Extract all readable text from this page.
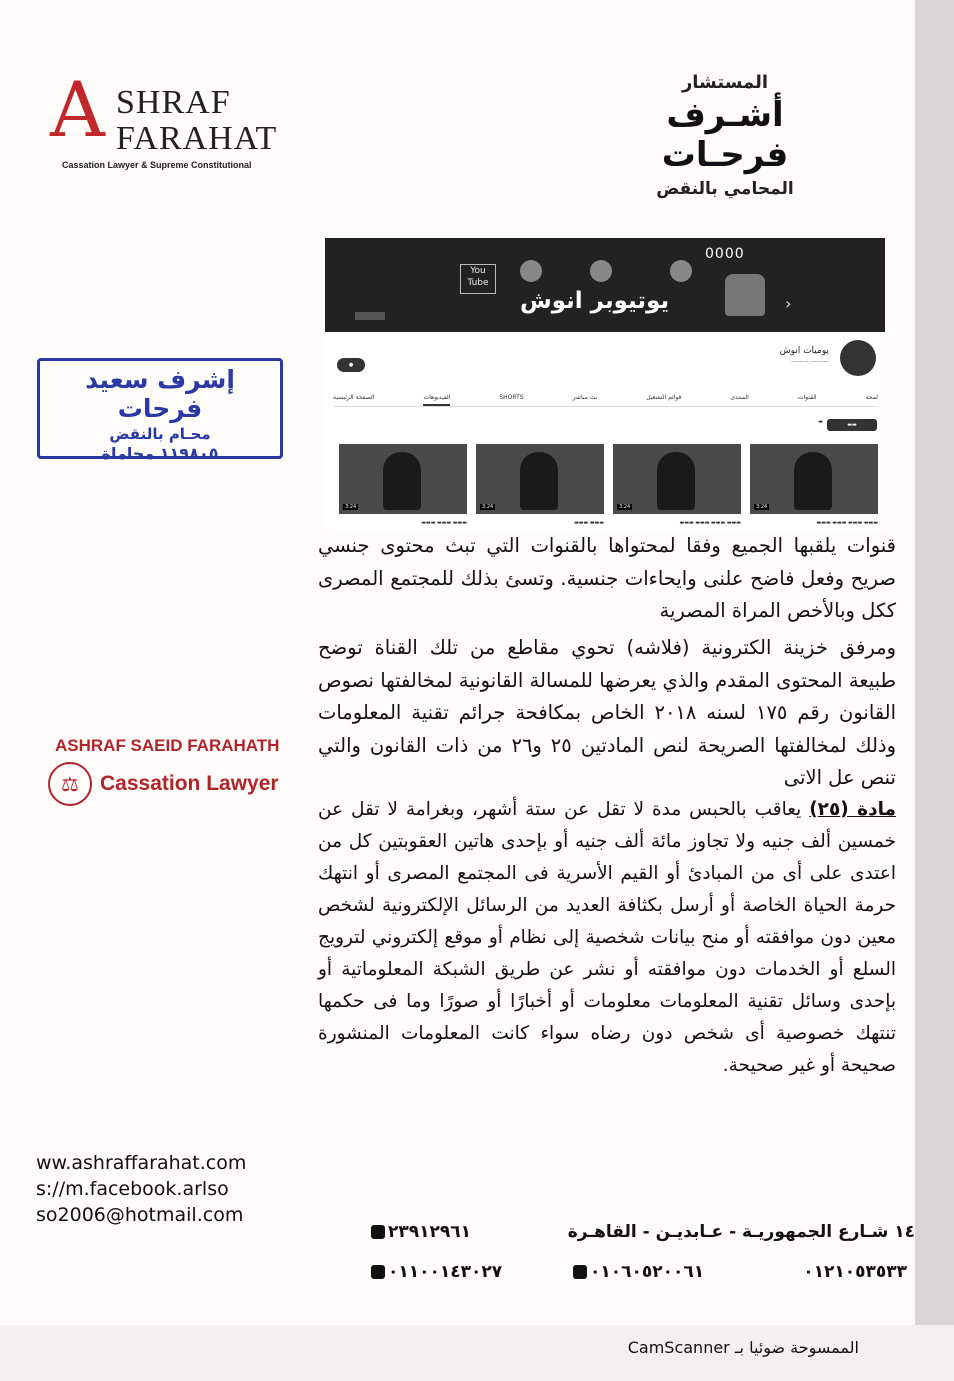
A SHRAF
FARAHAT
Cassation Lawyer & Supreme Constitutional
المستشار
أشـرف فرحـات
المحامي بالنقض
0000
You
Tube
يوتيوبر انوش	›
يوميات انوش
——— ———
●
الصفحة الرئيسية	الفيديوهات	SHORTS	بث مباشر	قوائم التشغيل	المنتدى	القنوات	لمحة
▬▬
▬
3:24
3:24
3:24
3:24
▬▬▬ ▬▬▬ ▬▬▬ ▬▬▬
▬▬▬ ▬▬▬ ▬▬▬ ▬▬▬
▬▬▬ ▬▬▬
▬▬▬ ▬▬▬ ▬▬▬
إشرف سعيد فرحات
محـام بالنقض
١١٩٨٠٥ محاماة
قنوات يلقبها الجميع وفقا لمحتواها بالقنوات التي تبث محتوى جنسي صريح وفعل فاضح علنى وايحاءات جنسية. وتسئ بذلك للمجتمع المصرى ككل وبالأخص المراة المصرية
ومرفق خزينة الكترونية (فلاشه) تحوي مقاطع من تلك القناة توضح طبيعة المحتوى المقدم والذي يعرضها للمسالة القانونية لمخالفتها نصوص القانون رقم ١٧٥ لسنه ٢٠١٨ الخاص بمكافحة جرائم تقنية المعلومات وذلك لمخالفتها الصريحة لنص المادتين ٢٥ و٢٦ من ذات القانون والتي تنص عل الاتى
مادة (٢٥) يعاقب بالحبس مدة لا تقل عن ستة أشهر، وبغرامة لا تقل عن خمسين ألف جنيه ولا تجاوز مائة ألف جنيه أو بإحدى هاتين العقوبتين كل من اعتدى على أى من المبادئ أو القيم الأسرية فى المجتمع المصرى أو انتهك حرمة الحياة الخاصة أو أرسل بكثافة العديد من الرسائل الإلكترونية لشخص معين دون موافقته أو منح بيانات شخصية إلى نظام أو موقع إلكتروني لترويج السلع أو الخدمات دون موافقته أو نشر عن طريق الشبكة المعلوماتية أو بإحدى وسائل تقنية المعلومات معلومات أو أخبارًا أو صورًا وما فى حكمها تنتهك خصوصية أى شخص دون رضاه سواء كانت المعلومات المنشورة صحيحة أو غير صحيحة.
ASHRAF SAEID FARAHATH
⚖	Cassation Lawyer
ww.ashraffarahat.com
s://m.facebook.arlso
so2006@hotmail.com
١٤ شـارع الجمهوريـة - عـابديـن - القاهـرة
٢٣٩١٢٩٦١
٠١٢١٠٥٣٥٣٣
٠١٠٦٠٥٢٠٠٦١
٠١١٠٠١٤٣٠٢٧
الممسوحة ضوئيا بـ CamScanner
